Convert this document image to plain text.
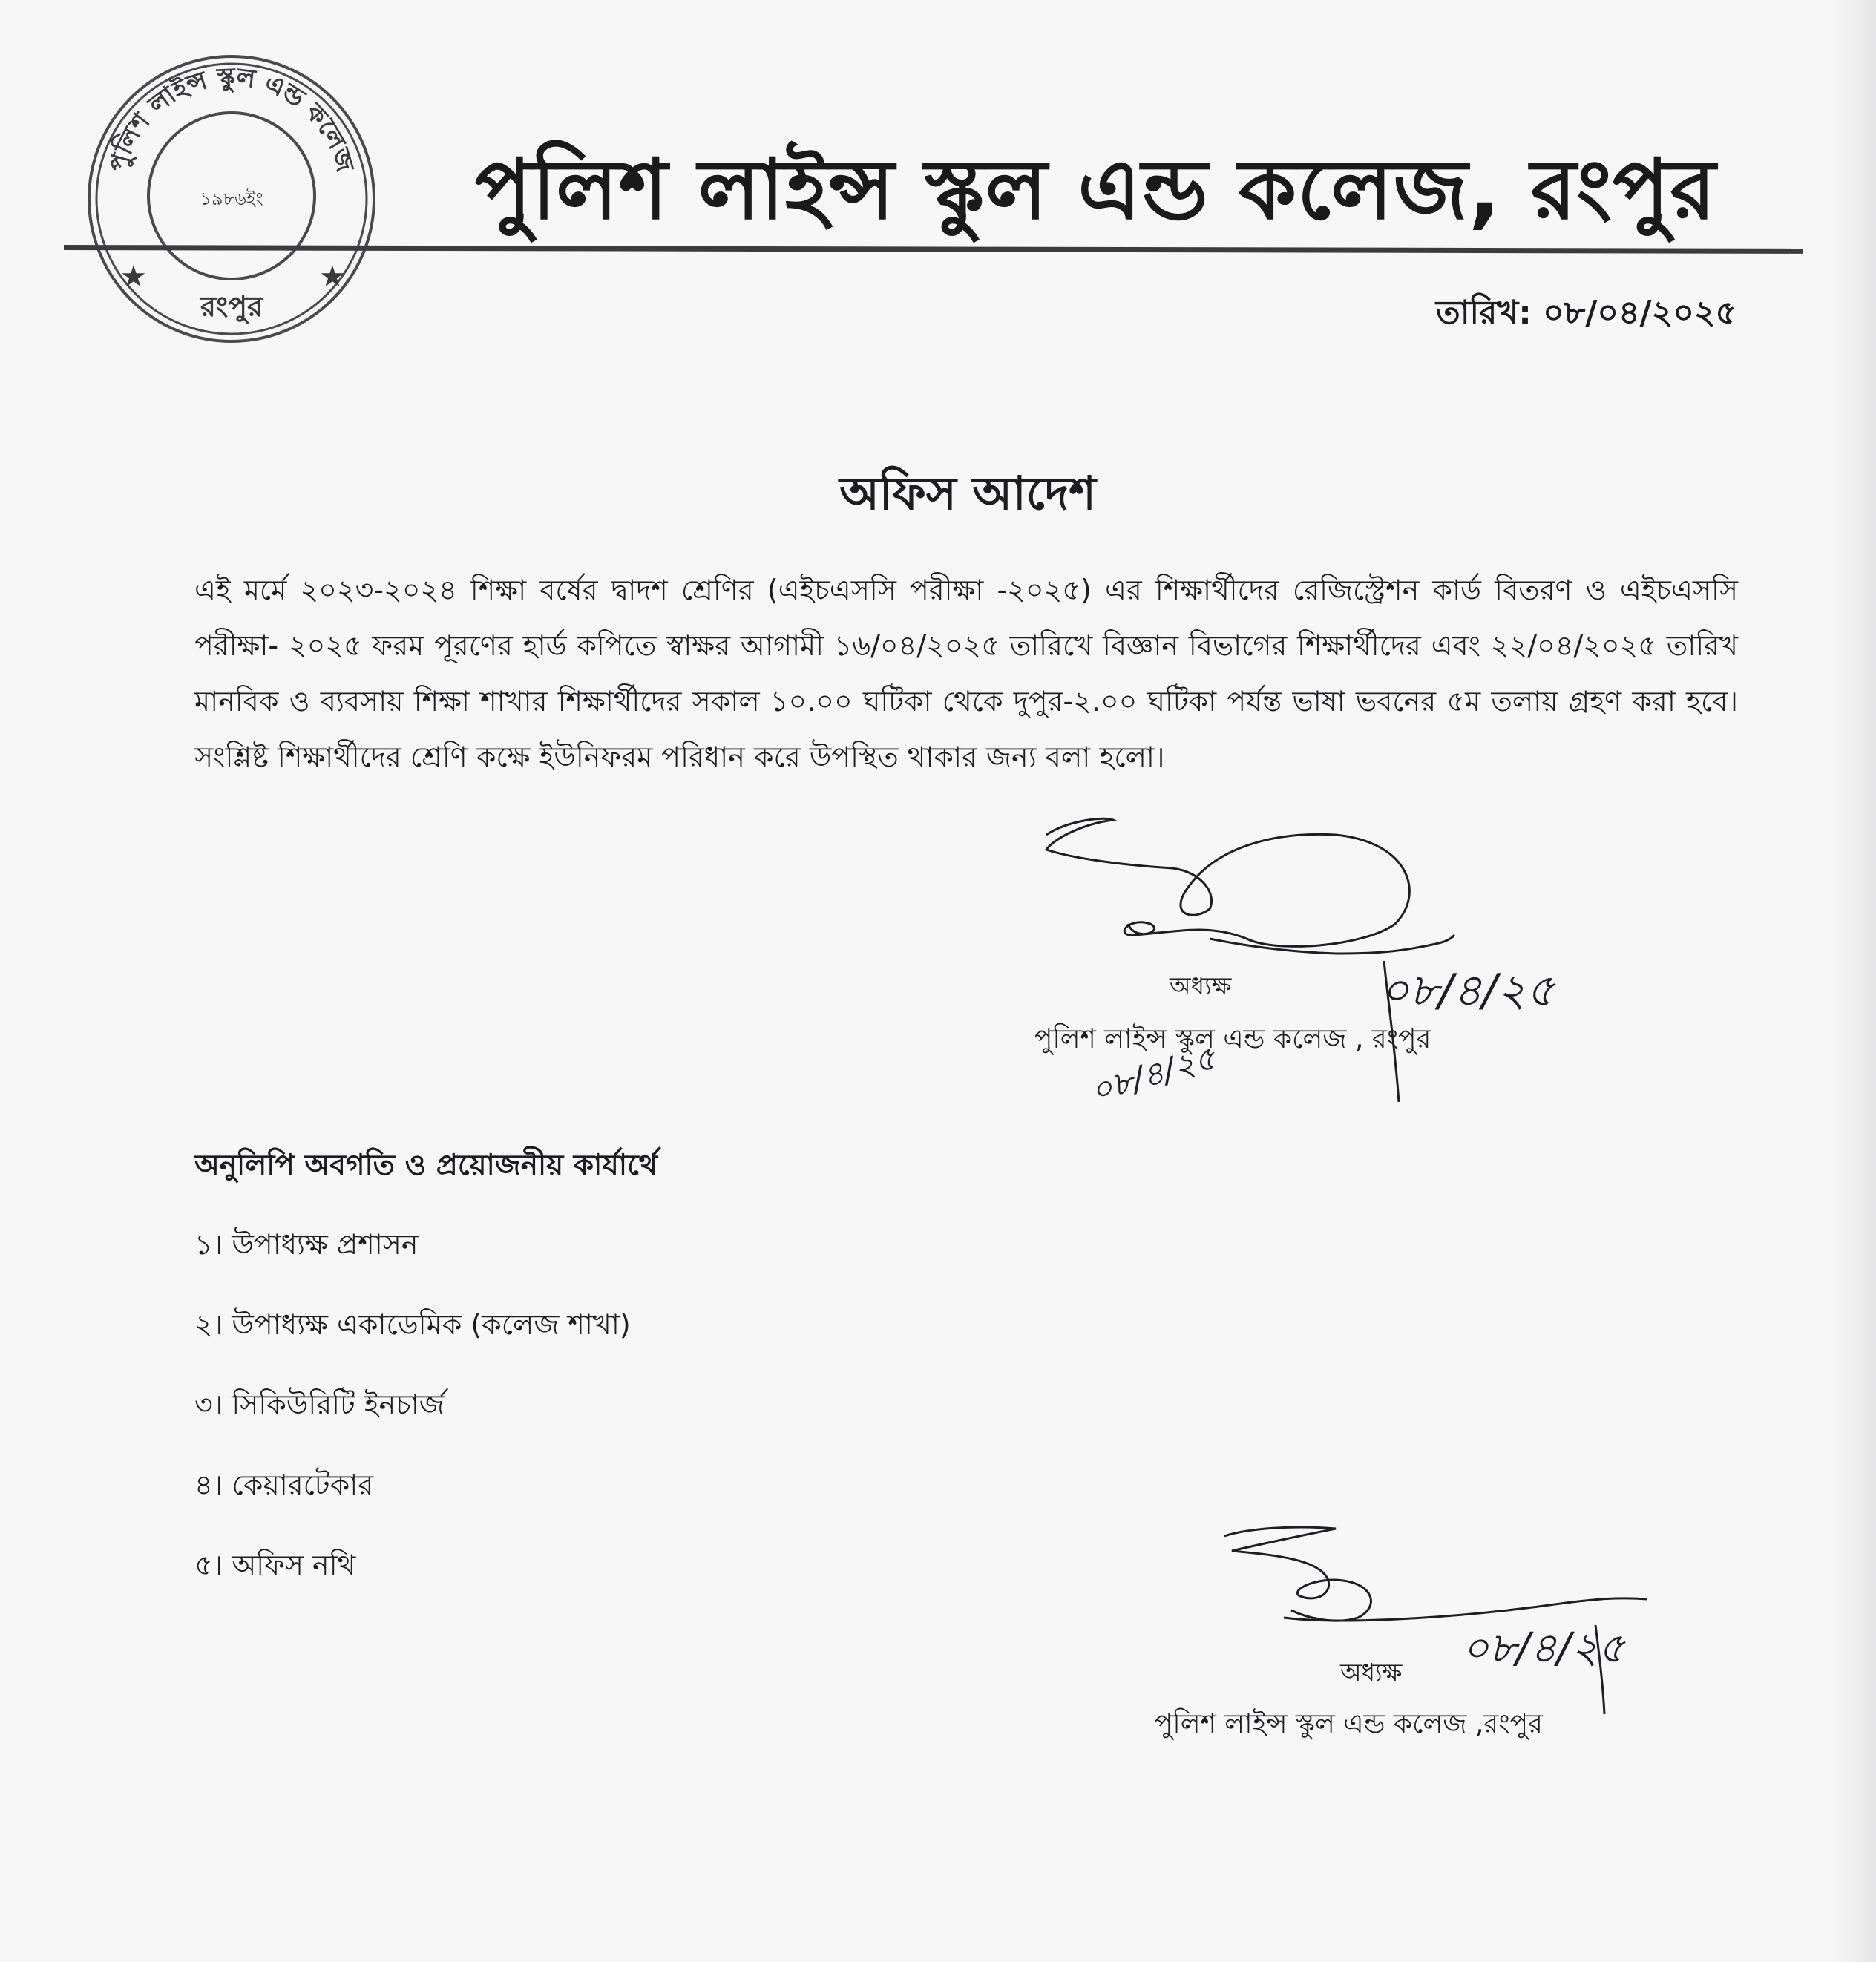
পুলিশ লাইন্স স্কুল এন্ড কলেজ
১৯৮৬ইং
★	★
রংপুর
পুলিশ লাইন্স স্কুল এন্ড কলেজ, রংপুর
তারিখ: ০৮/০৪/২০২৫
অফিস আদেশ
এই মর্মে ২০২৩-২০২৪ শিক্ষা বর্ষের দ্বাদশ শ্রেণির (এইচএসসি পরীক্ষা -২০২৫) এর শিক্ষার্থীদের রেজিস্ট্রেশন কার্ড বিতরণ ও এইচএসসি পরীক্ষা- ২০২৫ ফরম পূরণের হার্ড কপিতে স্বাক্ষর আগামী ১৬/০৪/২০২৫ তারিখে বিজ্ঞান বিভাগের শিক্ষার্থীদের এবং ২২/০৪/২০২৫ তারিখ মানবিক ও ব্যবসায় শিক্ষা শাখার শিক্ষার্থীদের সকাল ১০.০০ ঘটিকা থেকে দুপুর-২.০০ ঘটিকা পর্যন্ত ভাষা ভবনের ৫ম তলায় গ্রহণ করা হবে। সংশ্লিষ্ট শিক্ষার্থীদের শ্রেণি কক্ষে ইউনিফরম পরিধান করে উপস্থিত থাকার জন্য বলা হলো।
০৮/৪/২৫
অধ্যক্ষ
পুলিশ লাইন্স স্কুল এন্ড কলেজ , রংপুর
০৮/৪/২৫
অনুলিপি অবগতি ও প্রয়োজনীয় কার্যার্থে
১। উপাধ্যক্ষ প্রশাসন
২। উপাধ্যক্ষ একাডেমিক (কলেজ শাখা)
৩। সিকিউরিটি ইনচার্জ
৪। কেয়ারটেকার
৫। অফিস নথি
০৮/৪/২৫
অধ্যক্ষ
পুলিশ লাইন্স স্কুল এন্ড কলেজ ,রংপুর
